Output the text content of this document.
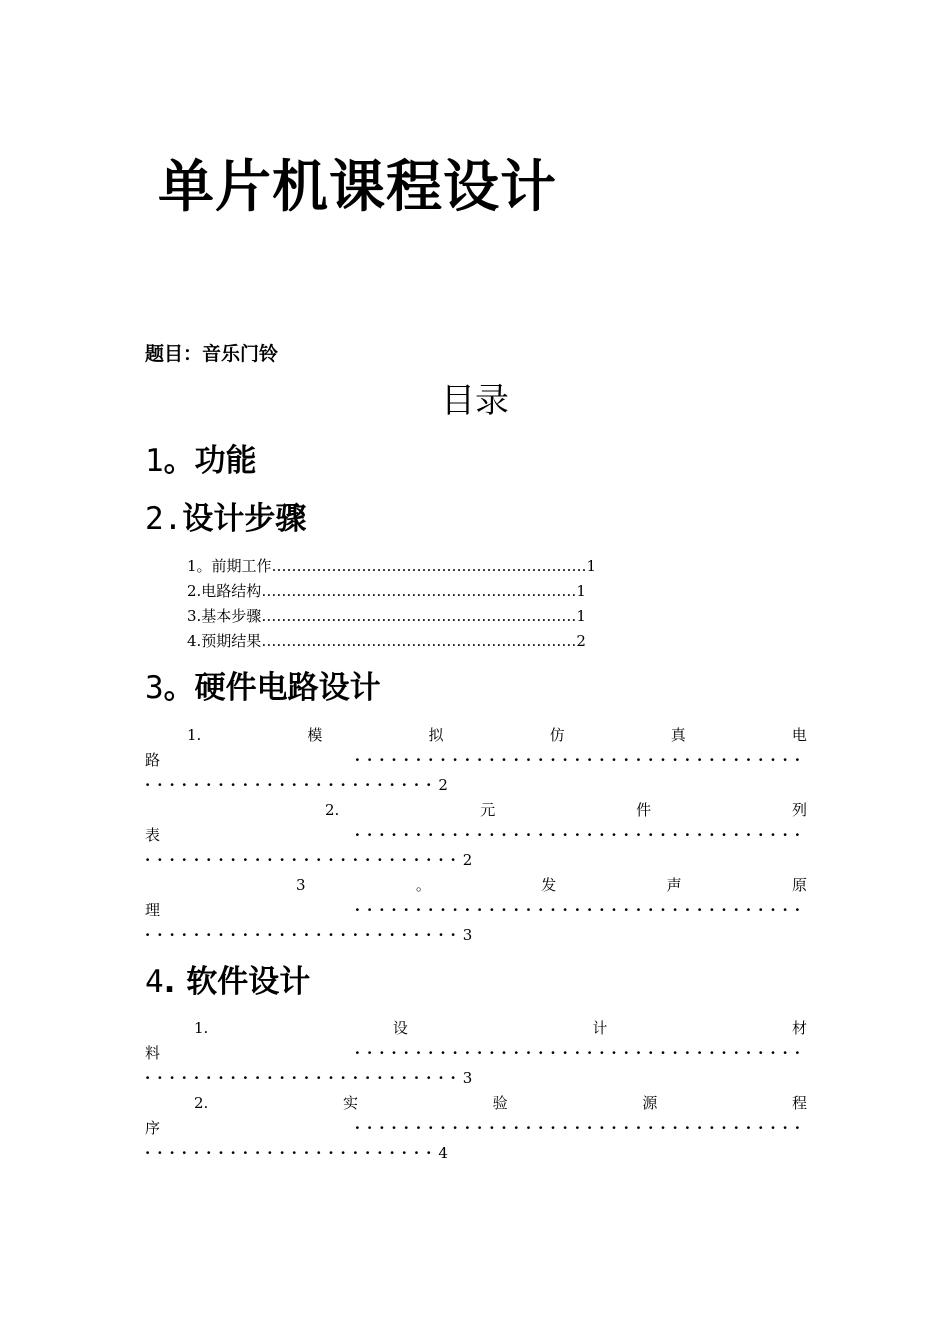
单片机课程设计
题目：音乐门铃
目录
1。功能
2.设计步骤
1。前期工作………………………………………………………1
2.电路结构………………………………………………………1
3.基本步骤………………………………………………………1
4.预期结果………………………………………………………2
3。硬件电路设计
1.	模	拟	仿	真	电
路	·····································
························2
2.	元	件	列
表	·····································
··························2
3	。	发	声	原
理	·····································
··························3
4. 软件设计
1.	设	计	材
料	·····································
··························3
2.	实	验	源	程
序	·····································
························4
